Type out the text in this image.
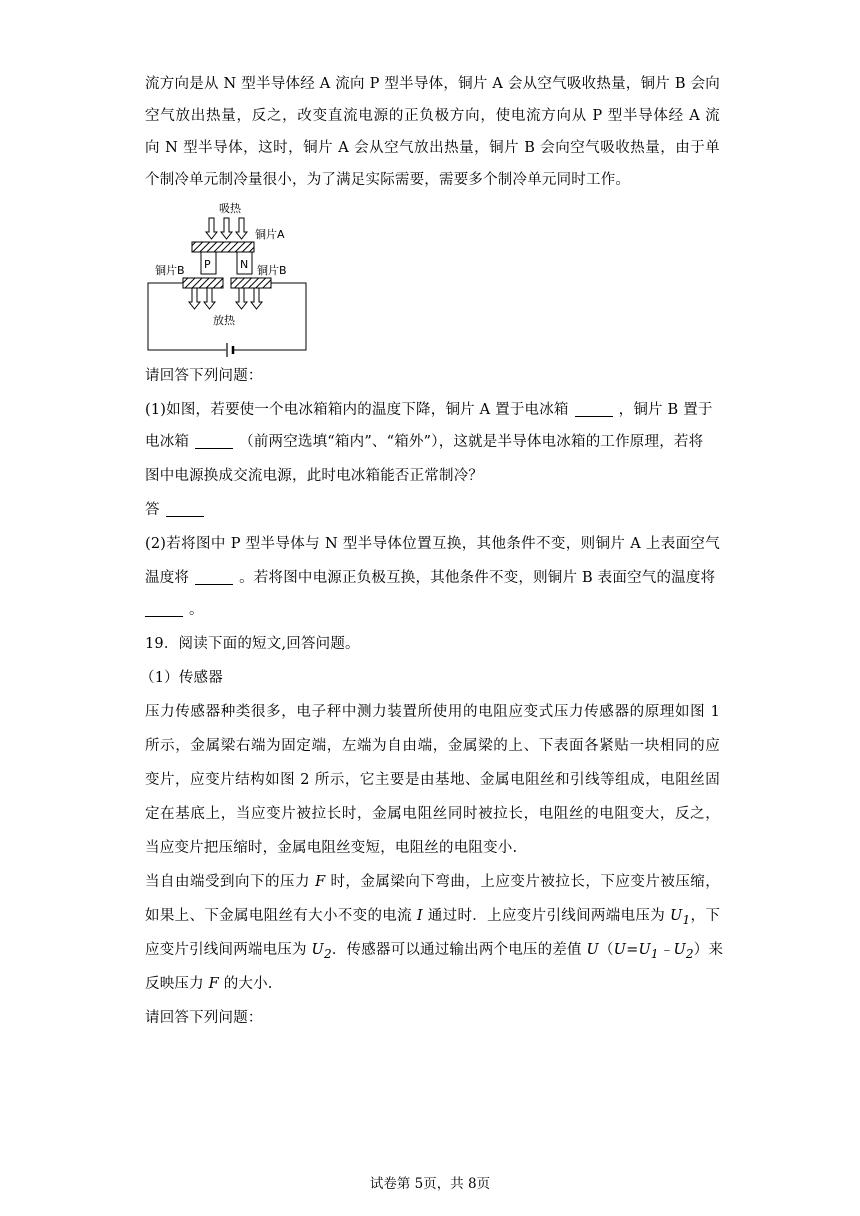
流方向是从 N 型半导体经 A 流向 P 型半导体，铜片 A 会从空气吸收热量，铜片 B 会向
空气放出热量，反之，改变直流电源的正负极方向，使电流方向从 P 型半导体经 A 流
向 N 型半导体，这时，铜片 A 会从空气放出热量，铜片 B 会向空气吸收热量，由于单
个制冷单元制冷量很小，为了满足实际需要，需要多个制冷单元同时工作。
吸热
铜片A
P	N
铜片B	铜片B
放热
请回答下列问题：
(1)如图，若要使一个电冰箱箱内的温度下降，铜片 A 置于电冰箱	，铜片 B 置于
电冰箱	（前两空选填“箱内”、“箱外”），这就是半导体电冰箱的工作原理，若将
图中电源换成交流电源，此时电冰箱能否正常制冷？
答
(2)若将图中 P 型半导体与 N 型半导体位置互换，其他条件不变，则铜片 A 上表面空气
温度将	。若将图中电源正负极互换，其他条件不变，则铜片 B 表面空气的温度将
。
19．阅读下面的短文,回答问题。
（1）传感器
压力传感器种类很多，电子秤中测力装置所使用的电阻应变式压力传感器的原理如图 1
所示，金属梁右端为固定端，左端为自由端，金属梁的上、下表面各紧贴一块相同的应
变片，应变片结构如图 2 所示，它主要是由基地、金属电阻丝和引线等组成，电阻丝固
定在基底上，当应变片被拉长时，金属电阻丝同时被拉长，电阻丝的电阻变大，反之，
当应变片把压缩时，金属电阻丝变短，电阻丝的电阻变小.
当自由端受到向下的压力 F 时，金属梁向下弯曲，上应变片被拉长，下应变片被压缩，
如果上、下金属电阻丝有大小不变的电流 I 通过时．上应变片引线间两端电压为 $U_1$，下
应变片引线间两端电压为 $U_2$．传感器可以通过输出两个电压的差值 $U(U=U_1﹣U_2)$来
反映压力 F 的大小.
请回答下列问题：
试卷第 5页，共 8页
